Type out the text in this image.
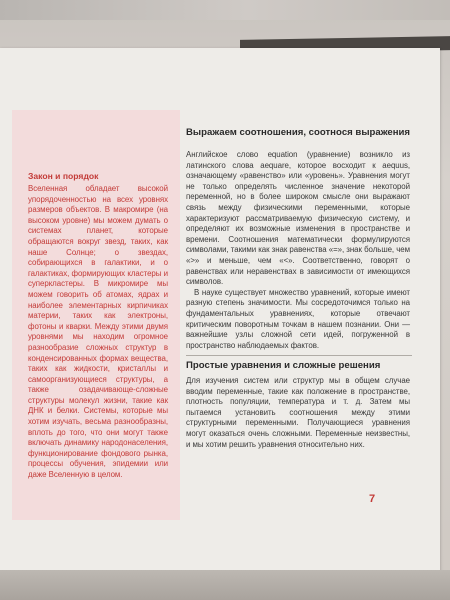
Закон и порядок
Вселенная обладает высокой упорядоченностью на всех уровнях размеров объектов. В макромире (на высоком уровне) мы можем думать о системах планет, которые обращаются вокруг звезд, таких, как наше Солнце; о звездах, собирающихся в галактики, и о галактиках, формирующих кластеры и суперкластеры. В микромире мы можем говорить об атомах, ядрах и наиболее элементарных кирпичиках материи, таких как электроны, фотоны и кварки. Между этими двумя уровнями мы находим огромное разнообразие сложных структур в конденсированных формах вещества, таких как жидкости, кристаллы и самоорганизующиеся структуры, а также озадачивающе-сложные структуры молекул жизни, такие как ДНК и белки. Системы, которые мы хотим изучать, весьма разнообразны, вплоть до того, что они могут также включать динамику народонаселения, функционирование фондового рынка, процессы обучения, эпидемии или даже Вселенную в целом.
Выражаем соотношения, соотноcя выражения

Английское слово equation (уравнение) возникло из латинского слова aequare, которое восходит к aequus, означающему «равенство» или «уровень». Уравнения могут не только определять численное значение некоторой переменной, но в более широком смысле они выражают связь между физическими переменными, которые характеризуют рассматриваемую физическую систему, и определяют их возможные изменения в пространстве и времени. Соотношения математически формулируются символами, такими как знак равенства «=», знак больше, чем «>» и меньше, чем «<». Соответственно, говорят о равенствах или неравенствах в зависимости от имеющихся символов.

В науке существует множество уравнений, которые имеют разную степень значимости. Мы сосредоточимся только на фундаментальных уравнениях, которые отвечают критическим поворотным точкам в нашем познании. Они — важнейшие узлы сложной сети идей, погруженной в пространство наблюдаемых фактов.

Простые уравнения и сложные решения
Для изучения систем или структур мы в общем случае вводим переменные, такие как положение в пространстве, плотность популяции, температура и т. д. Затем мы пытаемся установить соотношения между этими структурными переменными. Получающиеся уравнения могут оказаться очень сложными. Переменные неизвестны, и мы хотим решить уравнения относительно них.
7
